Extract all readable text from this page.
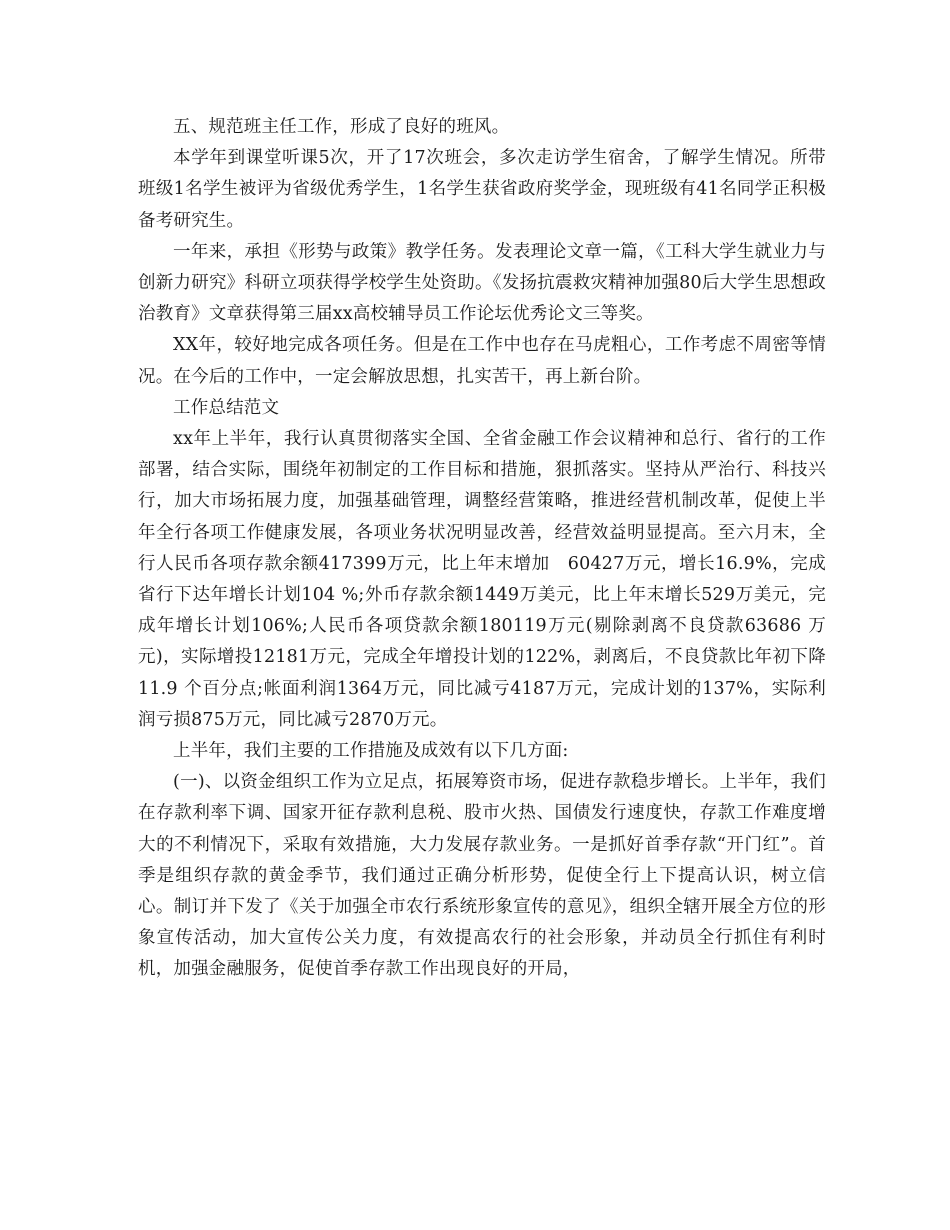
五、规范班主任工作，形成了良好的班风。

本学年到课堂听课5次，开了17次班会，多次走访学生宿舍，了解学生情况。所带班级1名学生被评为省级优秀学生，1名学生获省政府奖学金，现班级有41名同学正积极备考研究生。

一年来，承担《形势与政策》教学任务。发表理论文章一篇，《工科大学生就业力与创新力研究》科研立项获得学校学生处资助。《发扬抗震救灾精神加强80后大学生思想政治教育》文章获得第三届xx高校辅导员工作论坛优秀论文三等奖。

XX年，较好地完成各项任务。但是在工作中也存在马虎粗心，工作考虑不周密等情况。在今后的工作中，一定会解放思想，扎实苦干，再上新台阶。

工作总结范文

xx年上半年，我行认真贯彻落实全国、全省金融工作会议精神和总行、省行的工作部署，结合实际，围绕年初制定的工作目标和措施，狠抓落实。坚持从严治行、科技兴行，加大市场拓展力度，加强基础管理，调整经营策略，推进经营机制改革，促使上半年全行各项工作健康发展，各项业务状况明显改善，经营效益明显提高。至六月末，全行人民币各项存款余额417399万元，比上年末增加　60427万元，增长16.9%，完成省行下达年增长计划104 %;外币存款余额1449万美元，比上年末增长529万美元，完成年增长计划106%;人民币各项贷款余额180119万元(剔除剥离不良贷款63686 万元)，实际增投12181万元，完成全年增投计划的122%，剥离后，不良贷款比年初下降11.9 个百分点;帐面利润1364万元，同比减亏4187万元，完成计划的137%，实际利润亏损875万元，同比减亏2870万元。

上半年，我们主要的工作措施及成效有以下几方面:

(一)、以资金组织工作为立足点，拓展筹资市场，促进存款稳步增长。上半年，我们在存款利率下调、国家开征存款利息税、股市火热、国债发行速度快，存款工作难度增大的不利情况下，采取有效措施，大力发展存款业务。一是抓好首季存款“开门红”。首季是组织存款的黄金季节，我们通过正确分析形势，促使全行上下提高认识，树立信心。制订并下发了《关于加强全市农行系统形象宣传的意见》，组织全辖开展全方位的形象宣传活动，加大宣传公关力度，有效提高农行的社会形象，并动员全行抓住有利时机，加强金融服务，促使首季存款工作出现良好的开局，
